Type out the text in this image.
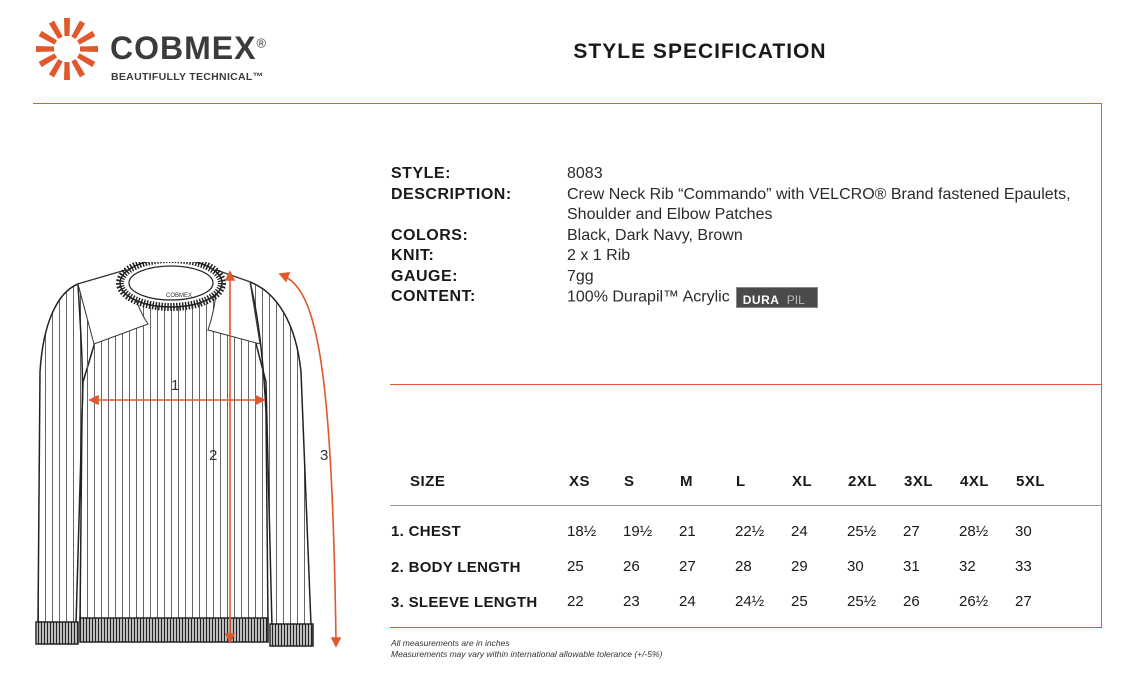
COBMEX®
BEAUTIFULLY TECHNICAL™
STYLE SPECIFICATION
COBMEX
1
2	3
STYLE:	8083
DESCRIPTION:	Crew Neck Rib “Commando” with VELCRO® Brand fastened Epaulets, Shoulder and Elbow Patches
COLORS:	Black, Dark Navy, Brown
KNIT:	2 x 1 Rib
GAUGE:	7gg
CONTENT:	100% Durapil™ Acrylic DURA PIL
SIZE	XS S	M	L	XL 2XL 3XL 4XL 5XL
1. CHEST	18½ 19½ 21	22½ 24	25½ 27	28½ 30
2. BODY LENGTH	25	26	27	28	29	30	31	32	33
3. SLEEVE LENGTH 22	23	24	24½ 25	25½ 26	26½ 27
All measurements are in inches
Measurements may vary within international allowable tolerance (+/-5%)
